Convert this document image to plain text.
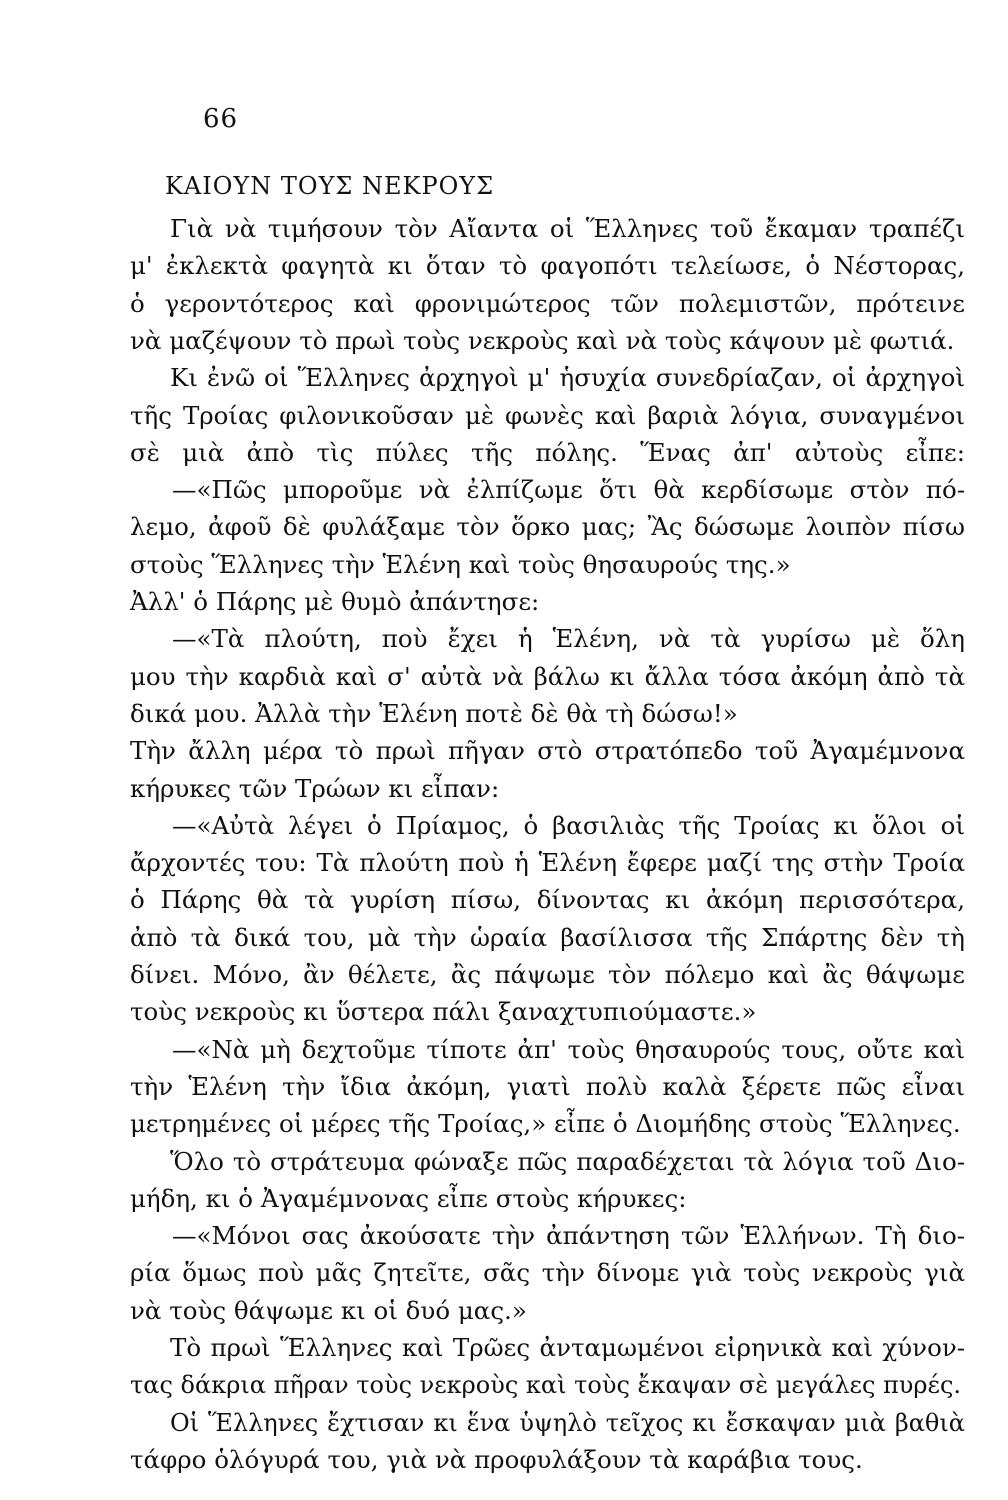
66
ΚΑΙΟΥΝ ΤΟΥΣ ΝΕΚΡΟΥΣ
Γιὰ νὰ τιμήσουν τὸν Αἴαντα οἱ Ἕλληνες τοῦ ἔκαμαν τραπέζι
μ' ἐκλεκτὰ φαγητὰ κι ὅταν τὸ φαγοπότι τελείωσε, ὁ Νέστορας,
ὁ γεροντότερος καὶ φρονιμώτερος τῶν πολεμιστῶν, πρότεινε
νὰ μαζέψουν τὸ πρωὶ τοὺς νεκροὺς καὶ νὰ τοὺς κάψουν μὲ φωτιά.
Κι ἐνῶ οἱ Ἕλληνες ἀρχηγοὶ μ' ἡσυχία συνεδρίαζαν, οἱ ἀρχηγοὶ
τῆς Τροίας φιλονικοῦσαν μὲ φωνὲς καὶ βαριὰ λόγια, συναγμένοι
σὲ μιὰ ἀπὸ τὶς πύλες τῆς πόλης. Ἕνας ἀπ' αὐτοὺς εἶπε:
—«Πῶς μποροῦμε νὰ ἐλπίζωμε ὅτι θὰ κερδίσωμε στὸν πό-
λεμο, ἀφοῦ δὲ φυλάξαμε τὸν ὅρκο μας; Ἂς δώσωμε λοιπὸν πίσω
στοὺς Ἕλληνες τὴν Ἑλένη καὶ τοὺς θησαυρούς της.»
Ἀλλ' ὁ Πάρης μὲ θυμὸ ἀπάντησε:
—«Τὰ πλούτη, ποὺ ἔχει ἡ Ἑλένη, νὰ τὰ γυρίσω μὲ ὅλη
μου τὴν καρδιὰ καὶ σ' αὐτὰ νὰ βάλω κι ἄλλα τόσα ἀκόμη ἀπὸ τὰ
δικά μου. Ἀλλὰ τὴν Ἑλένη ποτὲ δὲ θὰ τὴ δώσω!»
Τὴν ἄλλη μέρα τὸ πρωὶ πῆγαν στὸ στρατόπεδο τοῦ Ἀγαμέμνονα
κήρυκες τῶν Τρώων κι εἶπαν:
—«Αὐτὰ λέγει ὁ Πρίαμος, ὁ βασιλιὰς τῆς Τροίας κι ὅλοι οἱ
ἄρχοντές του: Τὰ πλούτη ποὺ ἡ Ἑλένη ἔφερε μαζί της στὴν Τροία
ὁ Πάρης θὰ τὰ γυρίση πίσω, δίνοντας κι ἀκόμη περισσότερα,
ἀπὸ τὰ δικά του, μὰ τὴν ὡραία βασίλισσα τῆς Σπάρτης δὲν τὴ
δίνει. Μόνο, ἂν θέλετε, ἂς πάψωμε τὸν πόλεμο καὶ ἂς θάψωμε
τοὺς νεκροὺς κι ὕστερα πάλι ξαναχτυπιούμαστε.»
—«Νὰ μὴ δεχτοῦμε τίποτε ἀπ' τοὺς θησαυρούς τους, οὔτε καὶ
τὴν Ἑλένη τὴν ἴδια ἀκόμη, γιατὶ πολὺ καλὰ ξέρετε πῶς εἶναι
μετρημένες οἱ μέρες τῆς Τροίας,» εἶπε ὁ Διομήδης στοὺς Ἕλληνες.
Ὅλο τὸ στράτευμα φώναξε πῶς παραδέχεται τὰ λόγια τοῦ Διο-
μήδη, κι ὁ Ἀγαμέμνονας εἶπε στοὺς κήρυκες:
—«Μόνοι σας ἀκούσατε τὴν ἀπάντηση τῶν Ἑλλήνων. Τὴ διο-
ρία ὅμως ποὺ μᾶς ζητεῖτε, σᾶς τὴν δίνομε γιὰ τοὺς νεκροὺς γιὰ
νὰ τοὺς θάψωμε κι οἱ δυό μας.»
Τὸ πρωὶ Ἕλληνες καὶ Τρῶες ἀνταμωμένοι εἰρηνικὰ καὶ χύνον-
τας δάκρια πῆραν τοὺς νεκροὺς καὶ τοὺς ἔκαψαν σὲ μεγάλες πυρές.
Οἱ Ἕλληνες ἔχτισαν κι ἕνα ὑψηλὸ τεῖχος κι ἔσκαψαν μιὰ βαθιὰ
τάφρο ὁλόγυρά του, γιὰ νὰ προφυλάξουν τὰ καράβια τους.
